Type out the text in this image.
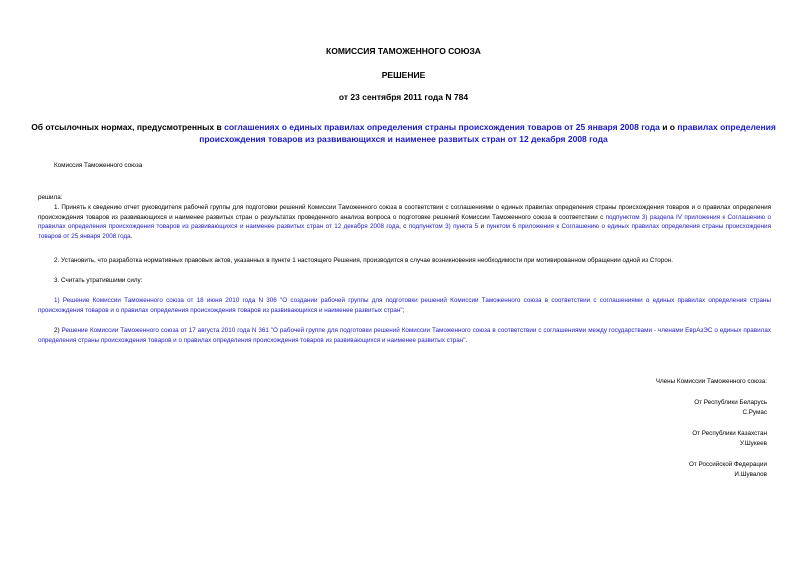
КОМИССИЯ ТАМОЖЕННОГО СОЮЗА
РЕШЕНИЕ
от 23 сентября 2011 года N 784
Об отсылочных нормах, предусмотренных в соглашениях о единых правилах определения страны происхождения товаров от 25 января 2008 года и о правилах определения происхождения товаров из развивающихся и наименее развитых стран от 12 декабря 2008 года
Комиссия Таможенного союза
решила:
1. Принять к сведению отчет руководителя рабочей группы для подготовки решений Комиссии Таможенного союза в соответствии с соглашениями о единых правилах определения страны происхождения товаров и о правилах определения происхождения товаров из развивающихся и наименее развитых стран о результатах проведенного анализа вопроса о подготовке решений Комиссии Таможенного союза в соответствии с подпунктом 3) раздела IV приложения к Соглашению о правилах определения происхождения товаров из развивающихся и наименее развитых стран от 12 декабря 2008 года, с подпунктом 3) пункта 5 и пунктом 6 приложения к Соглашению о единых правилах определения страны происхождения товаров от 25 января 2008 года.
2. Установить, что разработка нормативных правовых актов, указанных в пункте 1 настоящего Решения, производится в случае возникновения необходимости при мотивированном обращении одной из Сторон.
3. Считать утратившими силу:
1) Решение Комиссии Таможенного союза от 18 июня 2010 года N 306 "О создании рабочей группы для подготовки решений Комиссии Таможенного союза в соответствии с соглашениями о единых правилах определения страны происхождения товаров и о правилах определения происхождения товаров из развивающихся и наименее развитых стран";
2) Решение Комиссии Таможенного союза от 17 августа 2010 года N 361 "О рабочей группе для подготовки решений Комиссии Таможенного союза в соответствии с соглашениями между государствами - членами ЕврАзЭС о единых правилах определения страны происхождения товаров и о правилах определения происхождения товаров из развивающихся и наименее развитых стран".
Члены Комиссии Таможенного союза:
От Республики Беларусь
С.Румас
От Республики Казахстан
У.Шукеев
От Российской Федерации
И.Шувалов
